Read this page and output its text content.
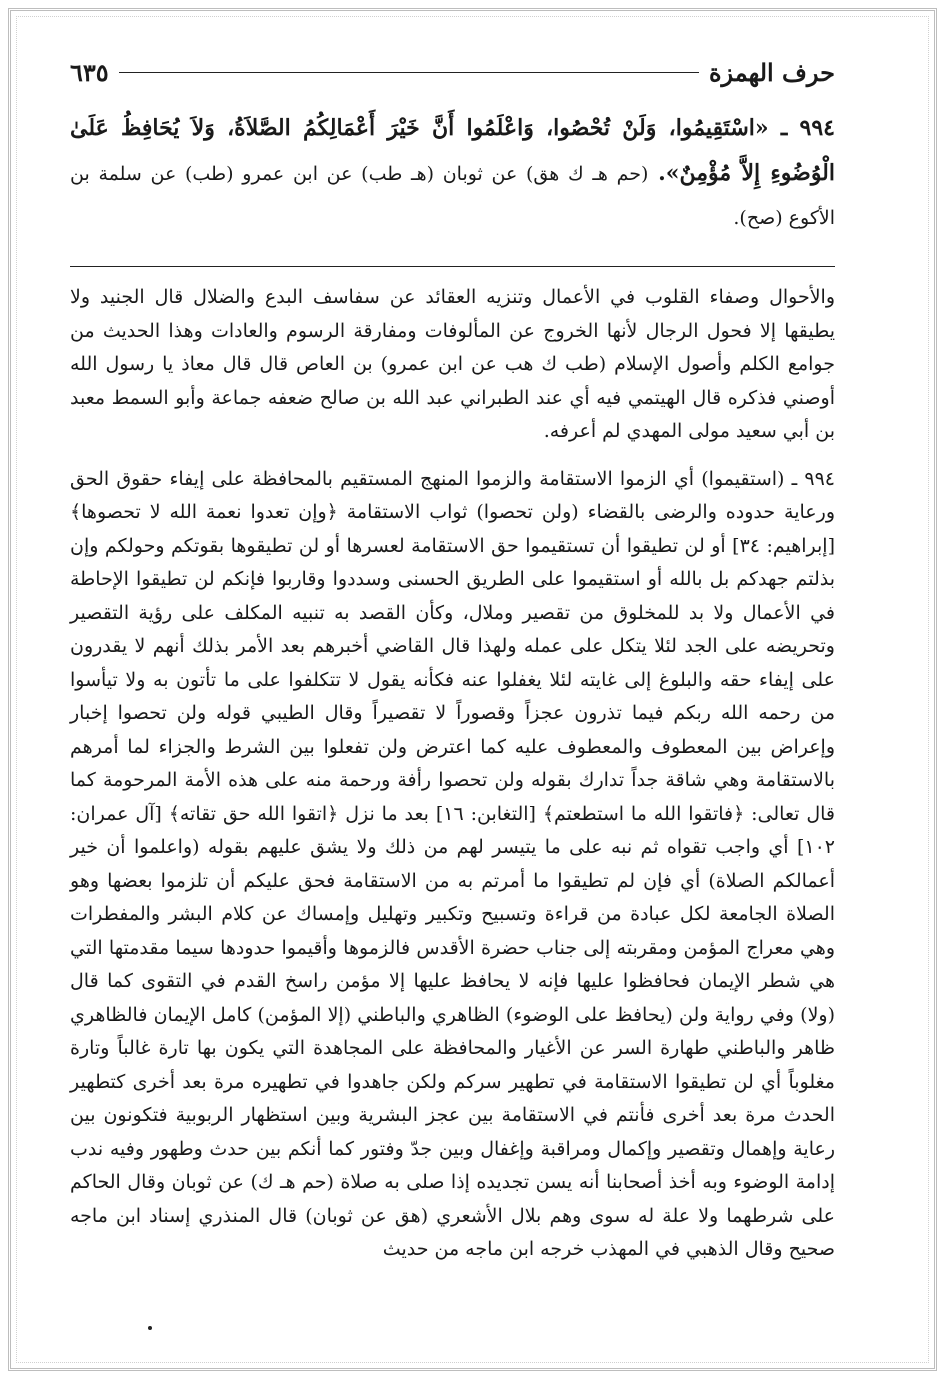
حرف الهمزة
٦٣٥
٩٩٤ ـ «اسْتَقِيمُوا، وَلَنْ تُحْصُوا، وَاعْلَمُوا أَنَّ خَيْرَ أَعْمَالِكُمُ الصَّلاَةُ، وَلاَ يُحَافِظُ عَلَىٰ الْوُضُوءِ إِلاَّ مُؤْمِنٌ». (حم هـ ك هق) عن ثوبان (هـ طب) عن ابن عمرو (طب) عن سلمة بن الأكوع (صح).
والأحوال وصفاء القلوب في الأعمال وتنزيه العقائد عن سفاسف البدع والضلال قال الجنيد ولا يطيقها إلا فحول الرجال لأنها الخروج عن المألوفات ومفارقة الرسوم والعادات وهذا الحديث من جوامع الكلم وأصول الإسلام (طب ك هب عن ابن عمرو) بن العاص قال قال معاذ يا رسول الله أوصني فذكره قال الهيتمي فيه أي عند الطبراني عبد الله بن صالح ضعفه جماعة وأبو السمط معبد بن أبي سعيد مولى المهدي لم أعرفه.
٩٩٤ ـ (استقيموا) أي الزموا الاستقامة والزموا المنهج المستقيم بالمحافظة على إيفاء حقوق الحق ورعاية حدوده والرضى بالقضاء (ولن تحصوا) ثواب الاستقامة ﴿وإن تعدوا نعمة الله لا تحصوها﴾ [إبراهيم: ٣٤] أو لن تطيقوا أن تستقيموا حق الاستقامة لعسرها أو لن تطيقوها بقوتكم وحولكم وإن بذلتم جهدكم بل بالله أو استقيموا على الطريق الحسنى وسددوا وقاربوا فإنكم لن تطيقوا الإحاطة في الأعمال ولا بد للمخلوق من تقصير وملال، وكأن القصد به تنبيه المكلف على رؤية التقصير وتحريضه على الجد لئلا يتكل على عمله ولهذا قال القاضي أخبرهم بعد الأمر بذلك أنهم لا يقدرون على إيفاء حقه والبلوغ إلى غايته لئلا يغفلوا عنه فكأنه يقول لا تتكلفوا على ما تأتون به ولا تيأسوا من رحمه الله ربكم فيما تذرون عجزاً وقصوراً لا تقصيراً وقال الطيبي قوله ولن تحصوا إخبار وإعراض بين المعطوف والمعطوف عليه كما اعترض ولن تفعلوا بين الشرط والجزاء لما أمرهم بالاستقامة وهي شاقة جداً تدارك بقوله ولن تحصوا رأفة ورحمة منه على هذه الأمة المرحومة كما قال تعالى: ﴿فاتقوا الله ما استطعتم﴾ [التغابن: ١٦] بعد ما نزل ﴿اتقوا الله حق تقاته﴾ [آل عمران: ١٠٢] أي واجب تقواه ثم نبه على ما يتيسر لهم من ذلك ولا يشق عليهم بقوله (واعلموا أن خير أعمالكم الصلاة) أي فإن لم تطيقوا ما أمرتم به من الاستقامة فحق عليكم أن تلزموا بعضها وهو الصلاة الجامعة لكل عبادة من قراءة وتسبيح وتكبير وتهليل وإمساك عن كلام البشر والمفطرات وهي معراج المؤمن ومقربته إلى جناب حضرة الأقدس فالزموها وأقيموا حدودها سيما مقدمتها التي هي شطر الإيمان فحافظوا عليها فإنه لا يحافظ عليها إلا مؤمن راسخ القدم في التقوى كما قال (ولا) وفي رواية ولن (يحافظ على الوضوء) الظاهري والباطني (إلا المؤمن) كامل الإيمان فالظاهري ظاهر والباطني طهارة السر عن الأغيار والمحافظة على المجاهدة التي يكون بها تارة غالباً وتارة مغلوباً أي لن تطيقوا الاستقامة في تطهير سركم ولكن جاهدوا في تطهيره مرة بعد أخرى كتطهير الحدث مرة بعد أخرى فأنتم في الاستقامة بين عجز البشرية وبين استظهار الربوبية فتكونون بين رعاية وإهمال وتقصير وإكمال ومراقبة وإغفال وبين جدّ وفتور كما أنكم بين حدث وطهور وفيه ندب إدامة الوضوء وبه أخذ أصحابنا أنه يسن تجديده إذا صلى به صلاة (حم هـ ك) عن ثوبان وقال الحاكم على شرطهما ولا علة له سوى وهم بلال الأشعري (هق عن ثوبان) قال المنذري إسناد ابن ماجه صحيح وقال الذهبي في المهذب خرجه ابن ماجه من حديث
